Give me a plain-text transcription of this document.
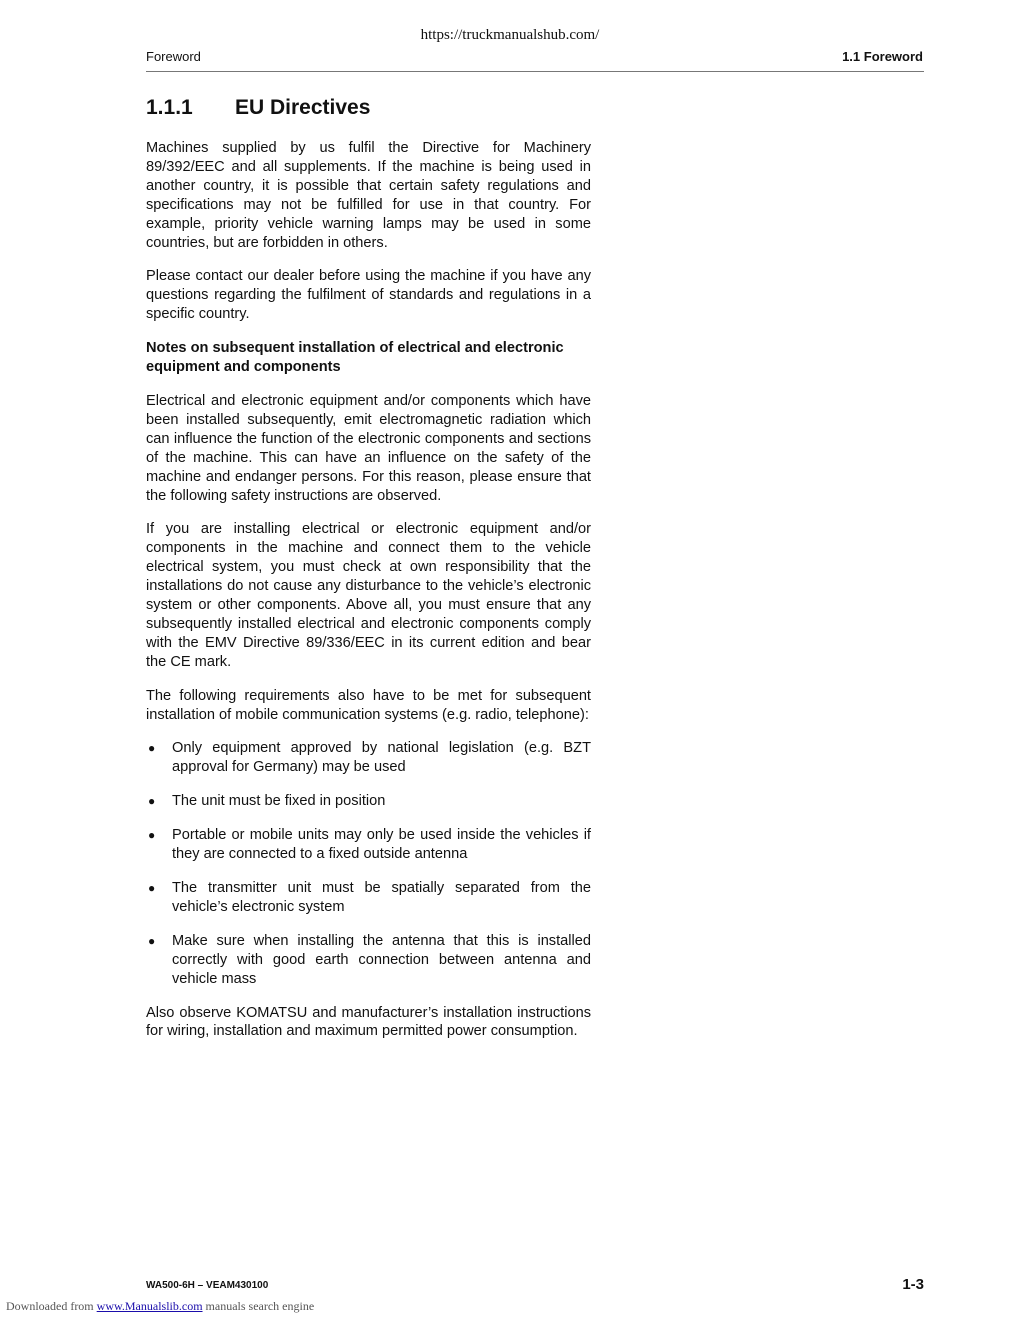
https://truckmanualshub.com/
Foreword	1.1 Foreword
1.1.1 EU Directives

Machines supplied by us fulfil the Directive for Machinery 89/392/EEC and all supplements. If the machine is being used in another country, it is possible that certain safety regulations and specifications may not be fulfilled for use in that country. For example, priority vehicle warning lamps may be used in some countries, but are forbidden in others.

Please contact our dealer before using the machine if you have any questions regarding the fulfilment of standards and regulations in a specific country.

Notes on subsequent installation of electrical and electronic equipment and components

Electrical and electronic equipment and/or components which have been installed subsequently, emit electromagnetic radiation which can influence the function of the electronic components and sections of the machine. This can have an influence on the safety of the machine and endanger persons. For this reason, please ensure that the following safety instructions are observed.

If you are installing electrical or electronic equipment and/or components in the machine and connect them to the vehicle electrical system, you must check at own responsibility that the installations do not cause any disturbance to the vehicle’s electronic system or other components. Above all, you must ensure that any subsequently installed electrical and electronic components comply with the EMV Directive 89/336/EEC in its current edition and bear the CE mark.

The following requirements also have to be met for subsequent installation of mobile communication systems (e.g. radio, telephone):

● Only equipment approved by national legislation (e.g. BZT approval for Germany) may be used
● The unit must be fixed in position
● Portable or mobile units may only be used inside the vehicles if they are connected to a fixed outside antenna
● The transmitter unit must be spatially separated from the vehicle’s electronic system
● Make sure when installing the antenna that this is installed correctly with good earth connection between antenna and vehicle mass

Also observe KOMATSU and manufacturer’s installation instructions for wiring, installation and maximum permitted power consumption.

WA500-6H – VEAM430100	1-3
Downloaded from www.Manualslib.com manuals search engine
